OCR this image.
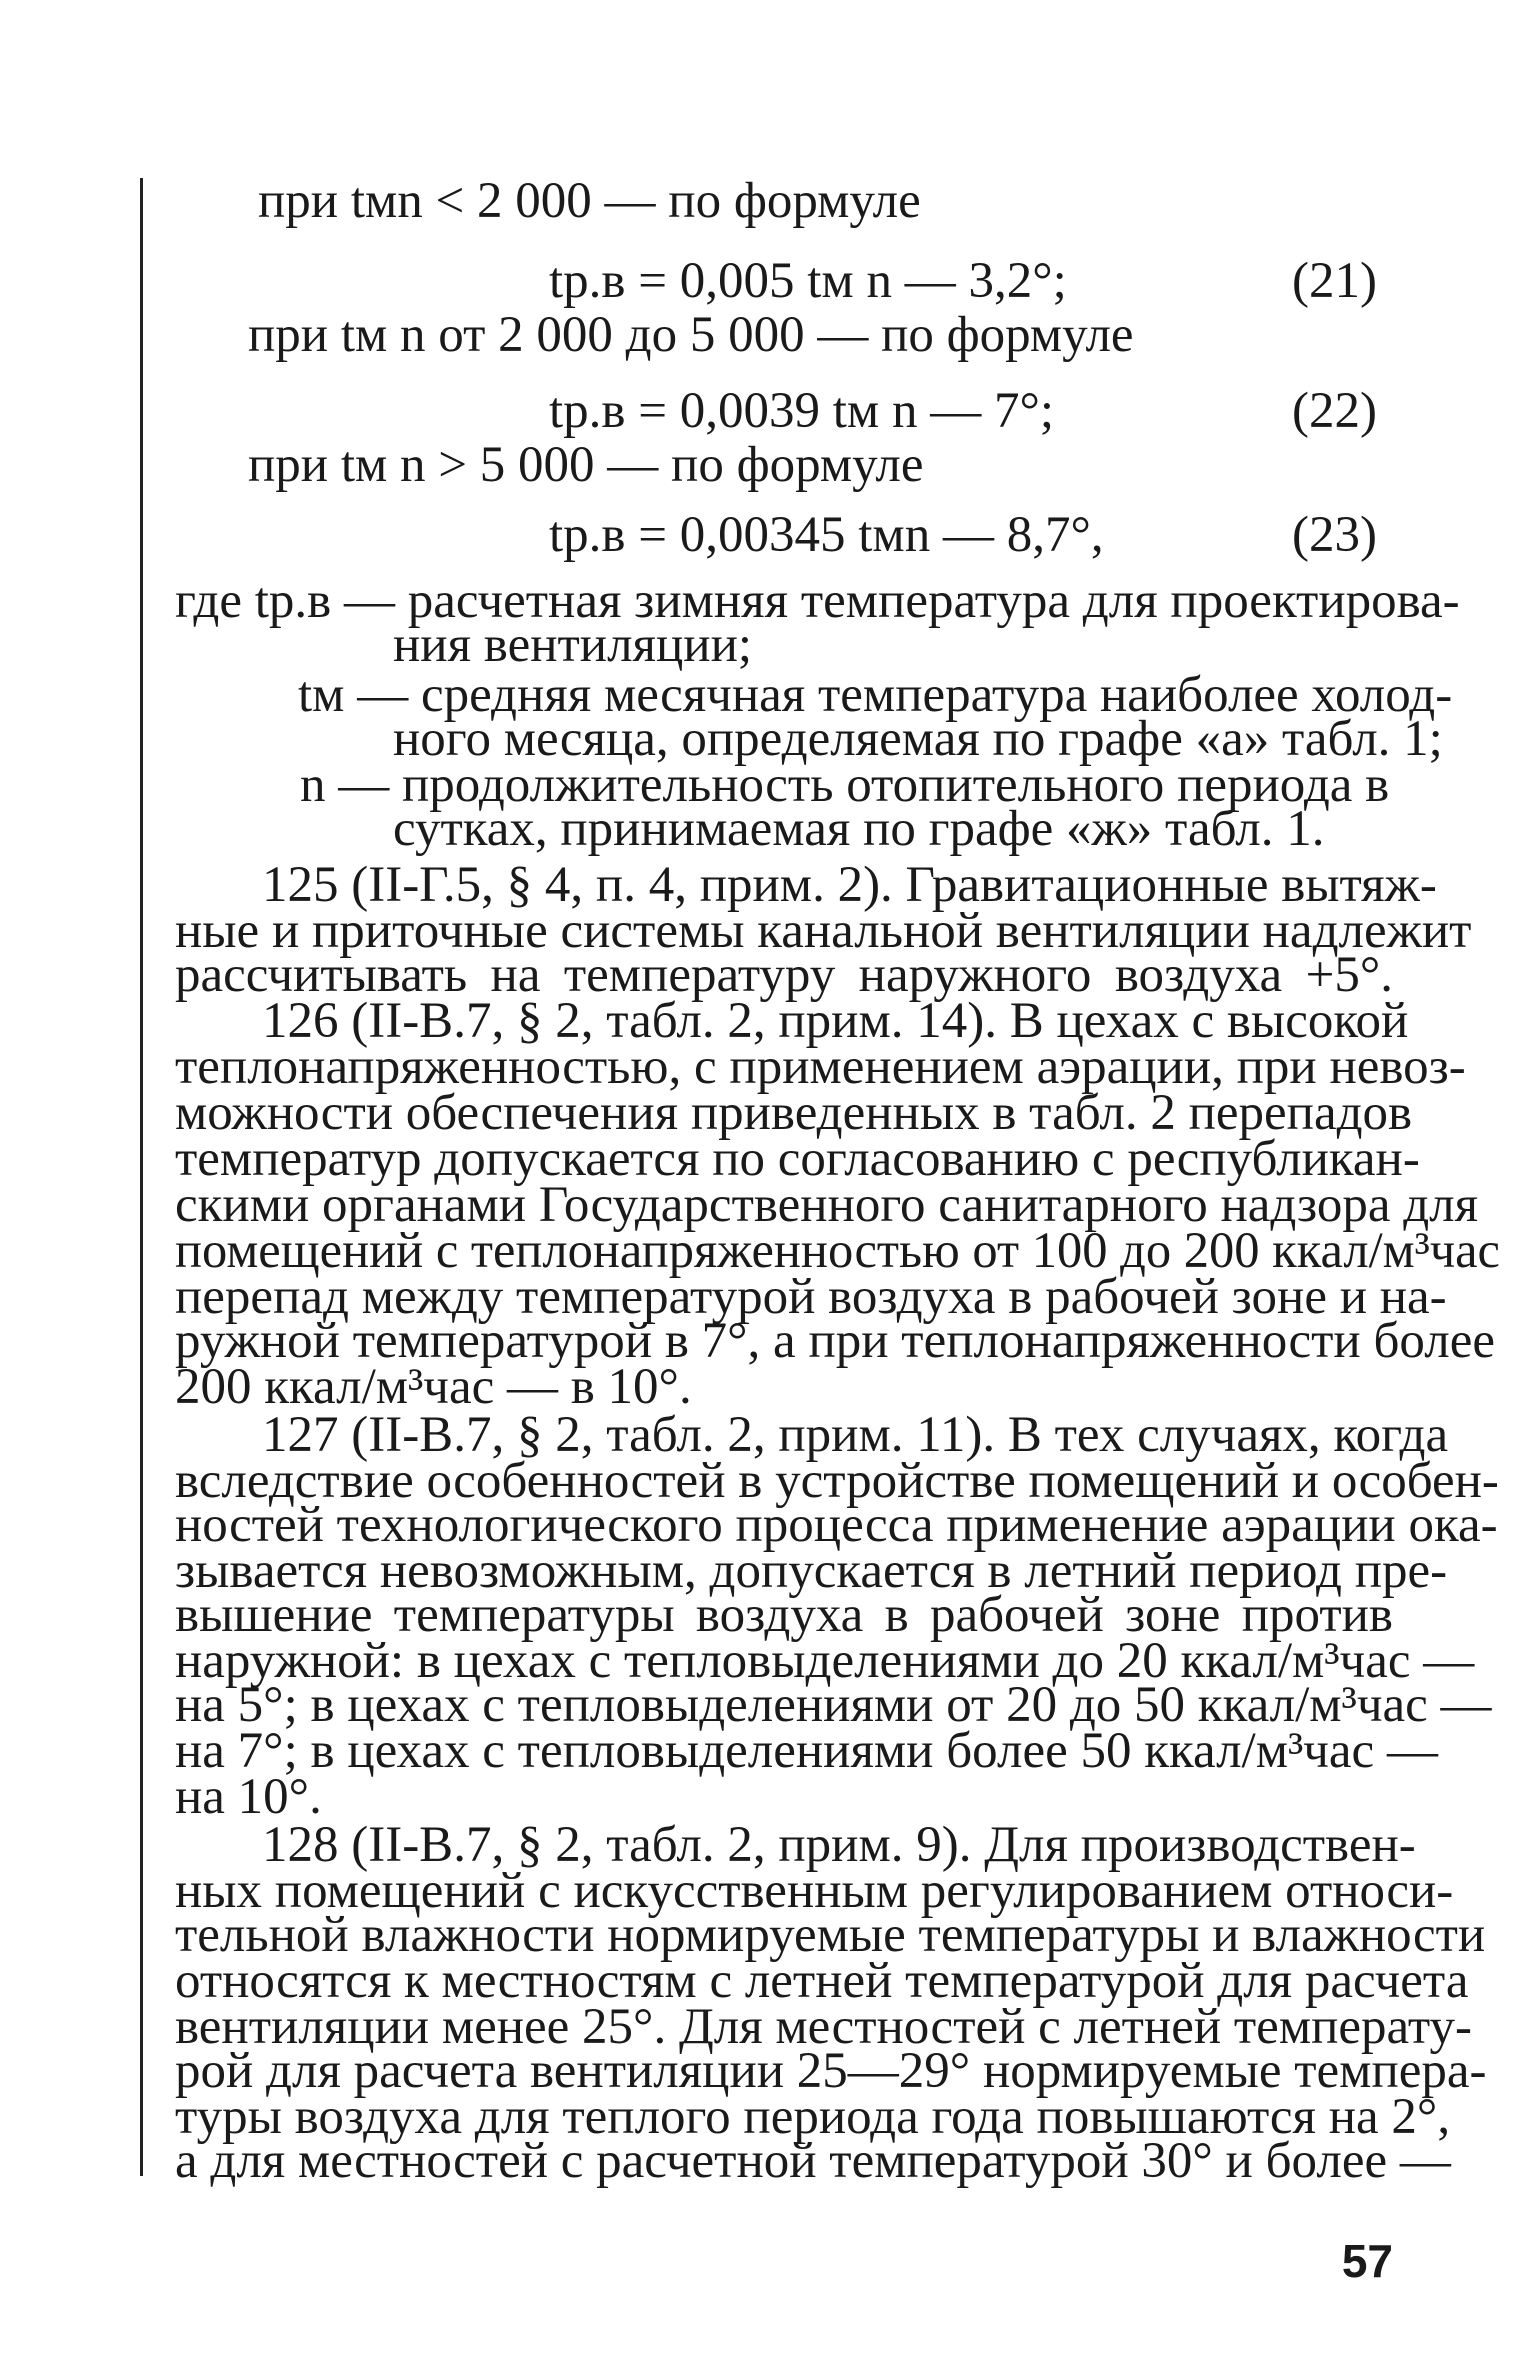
при tмn < 2 000 — по формуле
tр.в = 0,005 tм n — 3,2°;	(21)
при tм n от 2 000 до 5 000 — по формуле
tр.в = 0,0039 tм n — 7°;	(22)
при tм n > 5 000 — по формуле
tр.в = 0,00345 tмn — 8,7°,	(23)
где tр.в — расчетная зимняя температура для проектирова-
ния вентиляции;
tм — средняя месячная температура наиболее холод-
ного месяца, определяемая по графе «а» табл. 1;
n — продолжительность отопительного периода в
сутках, принимаемая по графе «ж» табл. 1.
125 (II-Г.5, § 4, п. 4, прим. 2). Гравитационные вытяж-
ные и приточные системы канальной вентиляции надлежит
рассчитывать на температуру наружного воздуха +5°.
126 (II-В.7, § 2, табл. 2, прим. 14). В цехах с высокой
теплонапряженностью, с применением аэрации, при невоз-
можности обеспечения приведенных в табл. 2 перепадов
температур допускается по согласованию с республикан-
скими органами Государственного санитарного надзора для
помещений с теплонапряженностью от 100 до 200 ккал/м³час
перепад между температурой воздуха в рабочей зоне и на-
ружной температурой в 7°, а при теплонапряженности более
200 ккал/м³час — в 10°.
127 (II-В.7, § 2, табл. 2, прим. 11). В тех случаях, когда
вследствие особенностей в устройстве помещений и особен-
ностей технологического процесса применение аэрации ока-
зывается невозможным, допускается в летний период пре-
вышение температуры воздуха в рабочей зоне против
наружной: в цехах с тепловыделениями до 20 ккал/м³час —
на 5°; в цехах с тепловыделениями от 20 до 50 ккал/м³час —
на 7°; в цехах с тепловыделениями более 50 ккал/м³час —
на 10°.
128 (II-В.7, § 2, табл. 2, прим. 9). Для производствен-
ных помещений с искусственным регулированием относи-
тельной влажности нормируемые температуры и влажности
относятся к местностям с летней температурой для расчета
вентиляции менее 25°. Для местностей с летней температу-
рой для расчета вентиляции 25—29° нормируемые темпера-
туры воздуха для теплого периода года повышаются на 2°,
а для местностей с расчетной температурой 30° и более —
57
